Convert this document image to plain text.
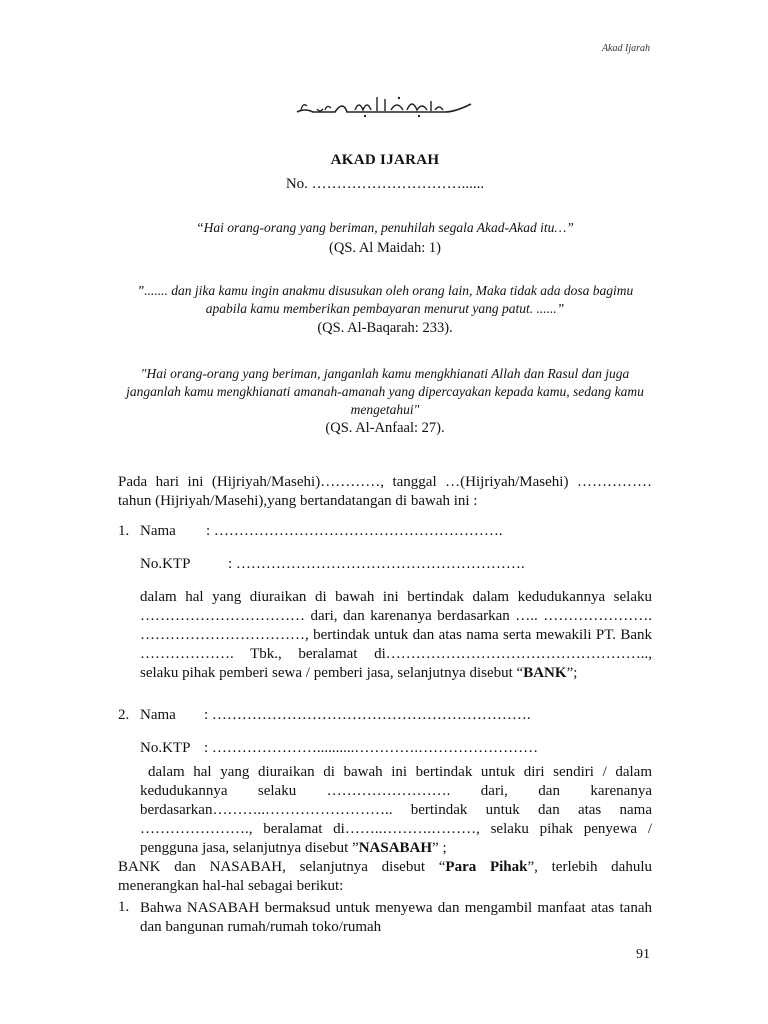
Akad Ijarah
AKAD IJARAH
No. …………………………......
“Hai orang-orang yang beriman, penuhilah segala Akad-Akad itu…”
(QS. Al Maidah: 1)
”....... dan jika kamu ingin anakmu disusukan oleh orang lain, Maka tidak ada dosa bagimu apabila kamu memberikan pembayaran menurut yang patut. ......”
(QS. Al-Baqarah: 233).
"Hai orang-orang yang beriman, janganlah kamu mengkhianati Allah dan Rasul dan juga janganlah kamu mengkhianati amanah-amanah yang dipercayakan kepada kamu, sedang kamu mengetahui"
(QS. Al-Anfaal: 27).
Pada hari ini (Hijriyah/Masehi)…………, tanggal …(Hijriyah/Masehi) ……………tahun (Hijriyah/Masehi),yang bertandatangan di bawah ini :
1. Nama : ………………………………………………….
No.KTP	: ………………………………………………….
dalam hal yang diuraikan di bawah ini bertindak dalam kedudukannya selaku …………………………… dari, dan karenanya berdasarkan ….. …………………. ……………………………, bertindak untuk dan atas nama serta mewakili PT. Bank ………………. Tbk., beralamat di…………………………………………….., selaku pihak pemberi sewa / pemberi jasa, selanjutnya disebut “BANK”;
2. Nama : ……………………………………………………….
No.KTP : …………………..........………….……………………
dalam hal yang diuraikan di bawah ini bertindak untuk diri sendiri / dalam kedudukannya selaku ……………………. dari, dan karenanya berdasarkan………..…………………….. bertindak untuk dan atas nama …………………., beralamat di……..……….………, selaku pihak penyewa / pengguna jasa, selanjutnya disebut ”NASABAH” ;
BANK dan NASABAH, selanjutnya disebut “Para Pihak”, terlebih dahulu menerangkan hal-hal sebagai berikut:
1. Bahwa NASABAH bermaksud untuk menyewa dan mengambil manfaat atas tanah dan bangunan rumah/rumah toko/rumah
91
